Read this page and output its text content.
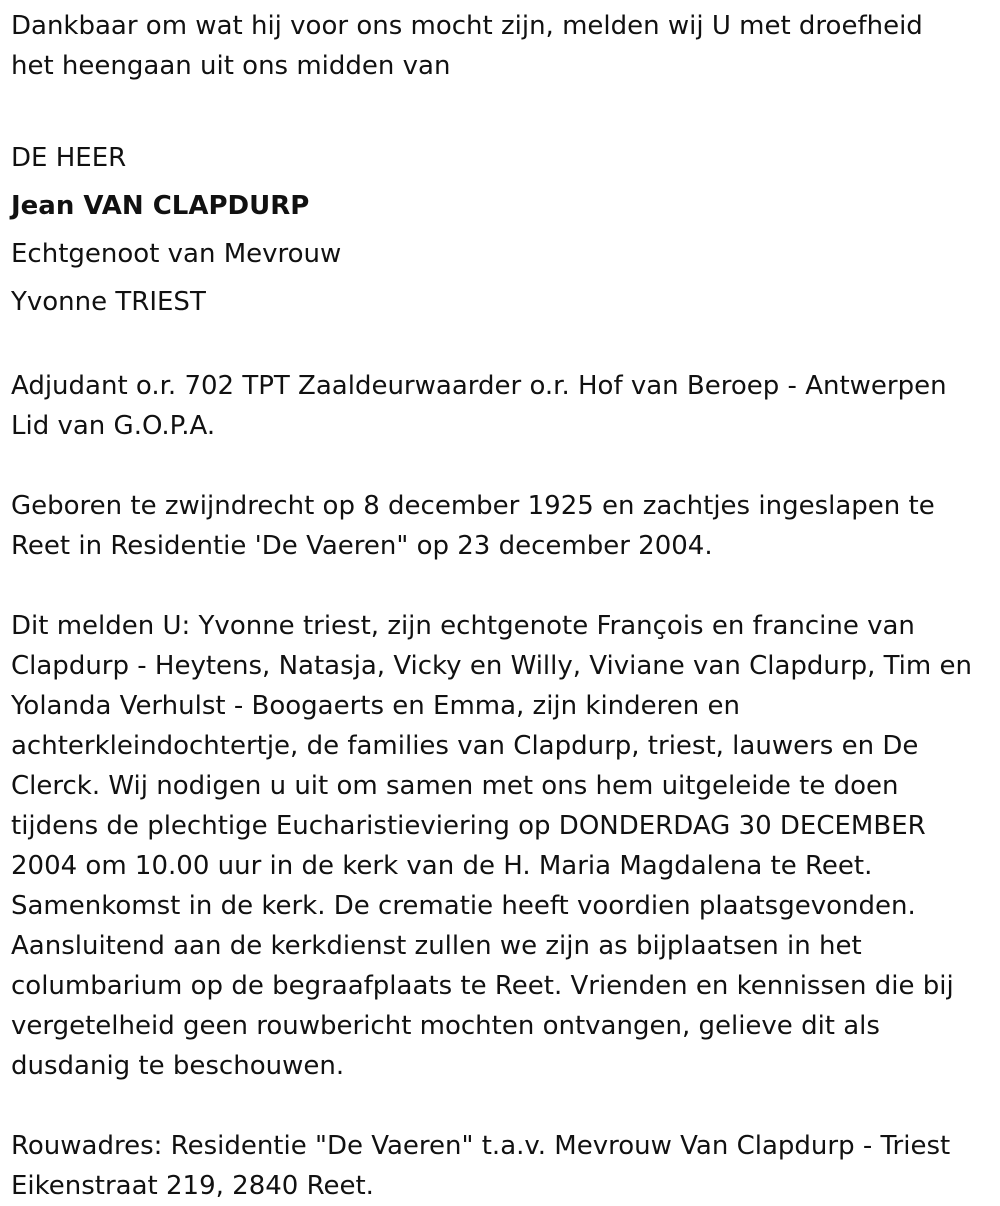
Dankbaar om wat hij voor ons mocht zijn, melden wij U met droefheid
het heengaan uit ons midden van

DE HEER

Jean VAN CLAPDURP

Echtgenoot van Mevrouw

Yvonne TRIEST

Adjudant o.r. 702 TPT Zaaldeurwaarder o.r. Hof van Beroep - Antwerpen
Lid van G.O.P.A.

Geboren te zwijndrecht op 8 december 1925 en zachtjes ingeslapen te
Reet in Residentie 'De Vaeren" op 23 december 2004.

Dit melden U: Yvonne triest, zijn echtgenote François en francine van
Clapdurp - Heytens, Natasja, Vicky en Willy, Viviane van Clapdurp, Tim en
Yolanda Verhulst - Boogaerts en Emma, zijn kinderen en
achterkleindochtertje, de families van Clapdurp, triest, lauwers en De
Clerck. Wij nodigen u uit om samen met ons hem uitgeleide te doen
tijdens de plechtige Eucharistieviering op DONDERDAG 30 DECEMBER
2004 om 10.00 uur in de kerk van de H. Maria Magdalena te Reet.
Samenkomst in de kerk. De crematie heeft voordien plaatsgevonden.
Aansluitend aan de kerkdienst zullen we zijn as bijplaatsen in het
columbarium op de begraafplaats te Reet. Vrienden en kennissen die bij
vergetelheid geen rouwbericht mochten ontvangen, gelieve dit als
dusdanig te beschouwen.

Rouwadres: Residentie "De Vaeren" t.a.v. Mevrouw Van Clapdurp - Triest
Eikenstraat 219, 2840 Reet.
